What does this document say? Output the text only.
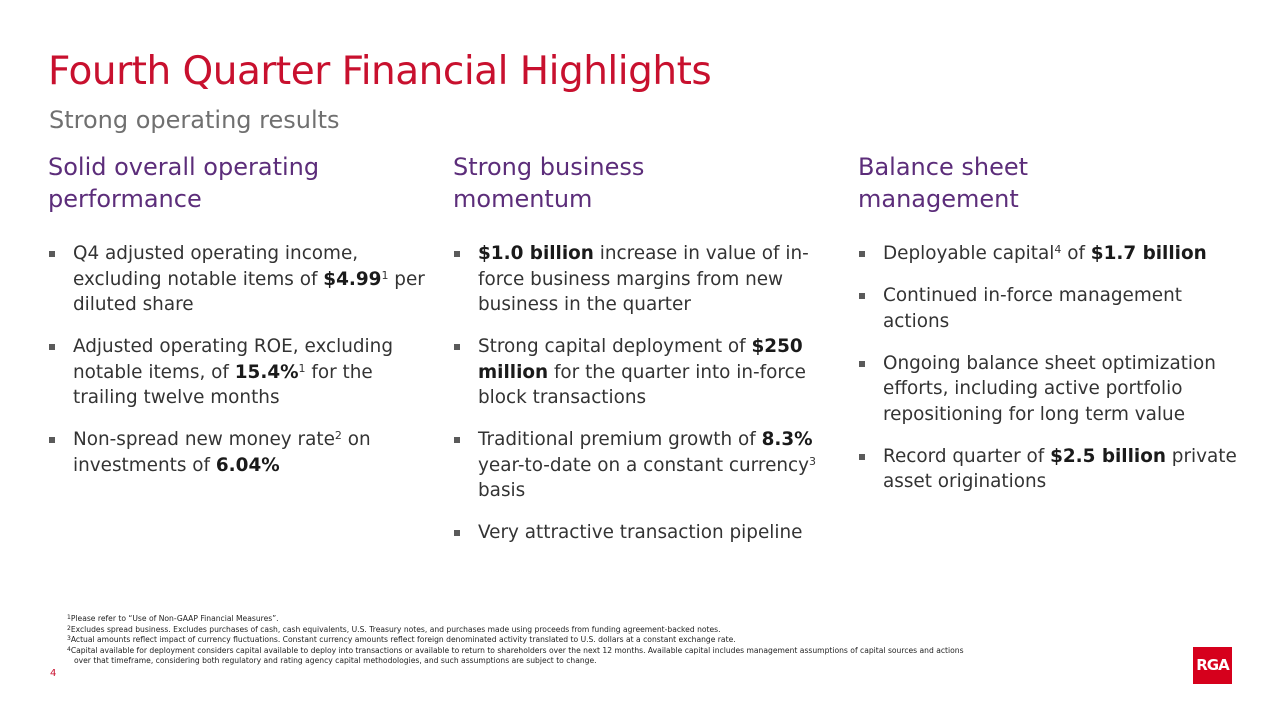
Fourth Quarter Financial Highlights
Strong operating results
Solid overall operating performance
Q4 adjusted operating income, excluding notable items of $4.99$^1$ per diluted share
Adjusted operating ROE, excluding notable items, of 15.4%$^1$ for the trailing twelve months
Non-spread new money rate$^2$ on investments of 6.04%
Strong business momentum
$1.0 billion increase in value of in-force business margins from new business in the quarter
Strong capital deployment of $250 million for the quarter into in-force block transactions
Traditional premium growth of 8.3% year-to-date on a constant currency$^3$ basis
Very attractive transaction pipeline
Balance sheet management
Deployable capital$^4$ of $1.7 billion
Continued in-force management actions
Ongoing balance sheet optimization efforts, including active portfolio repositioning for long term value
Record quarter of $2.5 billion private asset originations
$^1$Please refer to “Use of Non-GAAP Financial Measures”.
$^2$Excludes spread business. Excludes purchases of cash, cash equivalents, U.S. Treasury notes, and purchases made using proceeds from funding agreement-backed notes.
$^3$Actual amounts reflect impact of currency fluctuations. Constant currency amounts reflect foreign denominated activity translated to U.S. dollars at a constant exchange rate.
$^4$Capital available for deployment considers capital available to deploy into transactions or available to return to shareholders over the next 12 months. Available capital includes management assumptions of capital sources and actions
over that timeframe, considering both regulatory and rating agency capital methodologies, and such assumptions are subject to change.
4	RGA
